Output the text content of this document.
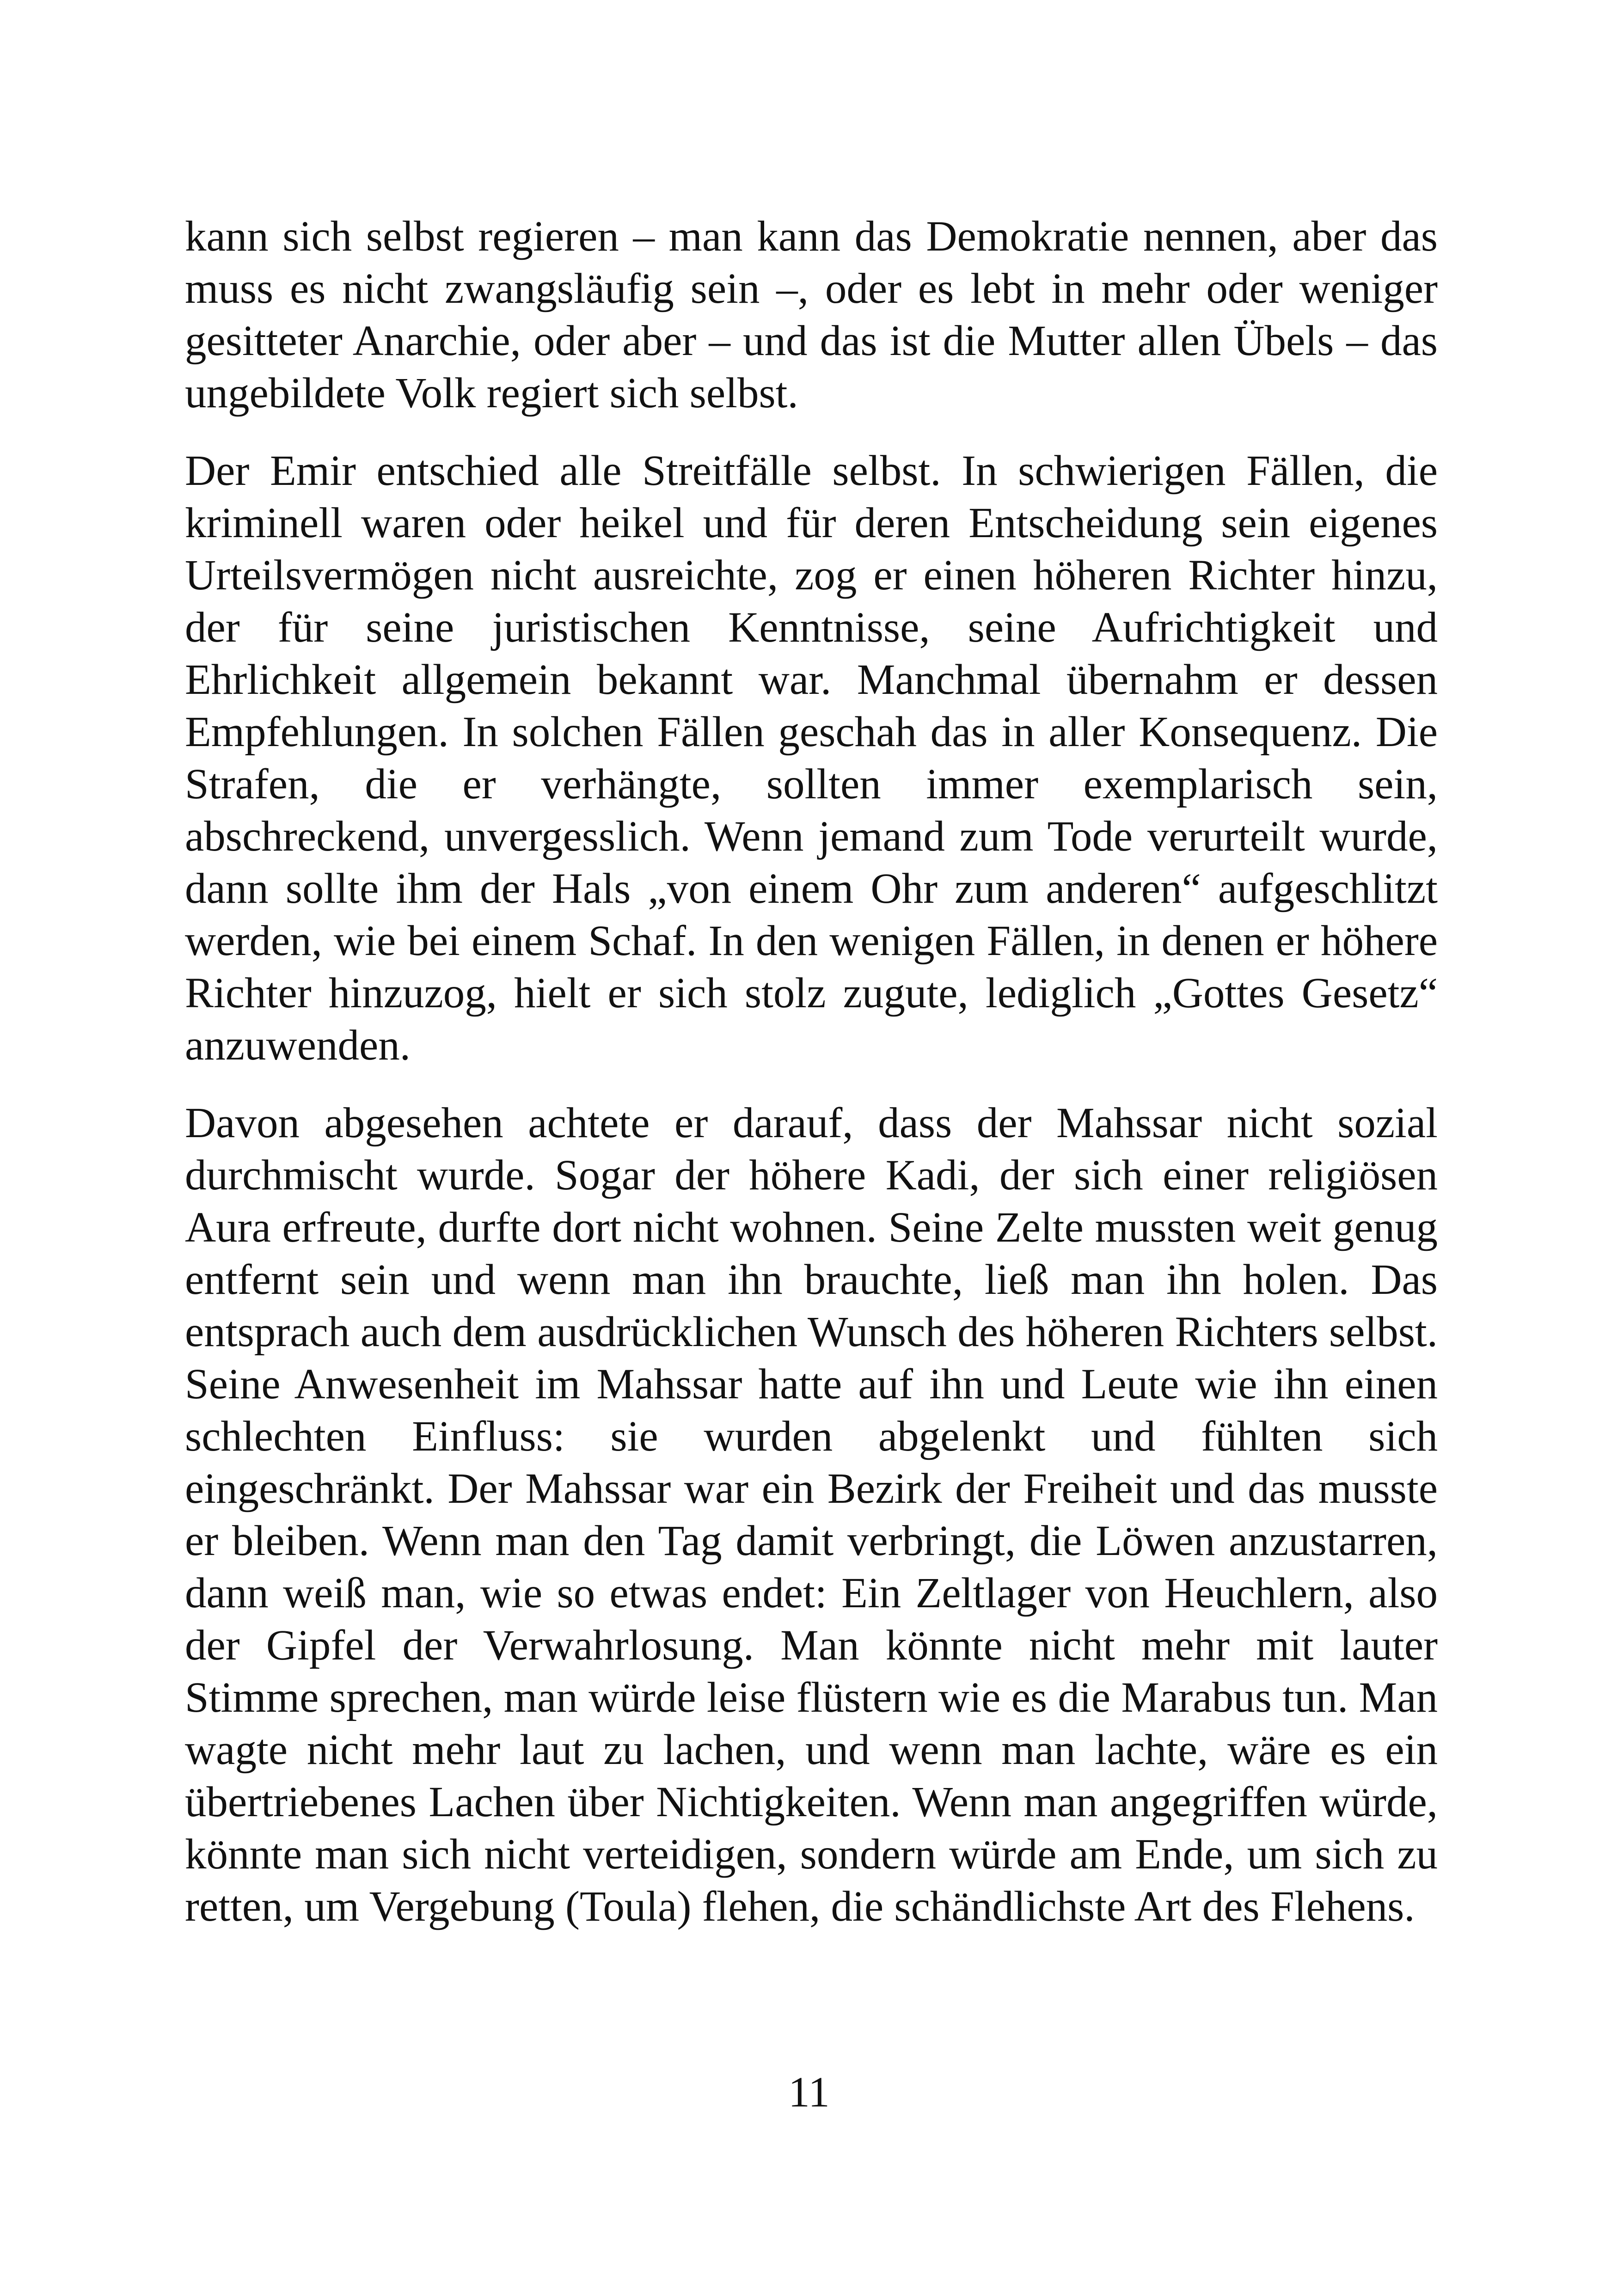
kann sich selbst regieren – man kann das Demokratie nennen, aber das muss es nicht zwangsläufig sein –, oder es lebt in mehr oder weniger gesitteter Anarchie, oder aber – und das ist die Mutter allen Übels – das ungebildete Volk regiert sich selbst.

Der Emir entschied alle Streitfälle selbst. In schwierigen Fällen, die kriminell waren oder heikel und für deren Entscheidung sein eigenes Urteilsvermögen nicht ausreichte, zog er einen höheren Richter hinzu, der für seine juristischen Kenntnisse, seine Aufrichtigkeit und Ehrlichkeit allgemein bekannt war. Manchmal übernahm er dessen Empfehlungen. In solchen Fällen geschah das in aller Konsequenz. Die Strafen, die er verhängte, sollten immer exemplarisch sein, abschreckend, unvergesslich. Wenn jemand zum Tode verurteilt wurde, dann sollte ihm der Hals „von einem Ohr zum anderen“ aufgeschlitzt werden, wie bei einem Schaf. In den wenigen Fällen, in denen er höhere Richter hinzuzog, hielt er sich stolz zugute, lediglich „Gottes Gesetz“ anzuwenden.

Davon abgesehen achtete er darauf, dass der Mahssar nicht sozial durchmischt wurde. Sogar der höhere Kadi, der sich einer religiösen Aura erfreute, durfte dort nicht wohnen. Seine Zelte mussten weit genug entfernt sein und wenn man ihn brauchte, ließ man ihn holen. Das entsprach auch dem ausdrücklichen Wunsch des höheren Richters selbst. Seine Anwesenheit im Mahssar hatte auf ihn und Leute wie ihn einen schlechten Einfluss: sie wurden abgelenkt und fühlten sich eingeschränkt. Der Mahssar war ein Bezirk der Freiheit und das musste er bleiben. Wenn man den Tag damit verbringt, die Löwen anzustarren, dann weiß man, wie so etwas endet: Ein Zeltlager von Heuchlern, also der Gipfel der Verwahrlosung. Man könnte nicht mehr mit lauter Stimme sprechen, man würde leise flüstern wie es die Marabus tun. Man wagte nicht mehr laut zu lachen, und wenn man lachte, wäre es ein übertriebenes Lachen über Nichtigkeiten. Wenn man angegriffen würde, könnte man sich nicht verteidigen, sondern würde am Ende, um sich zu retten, um Vergebung (Toula) flehen, die schändlichste Art des Flehens.

11
